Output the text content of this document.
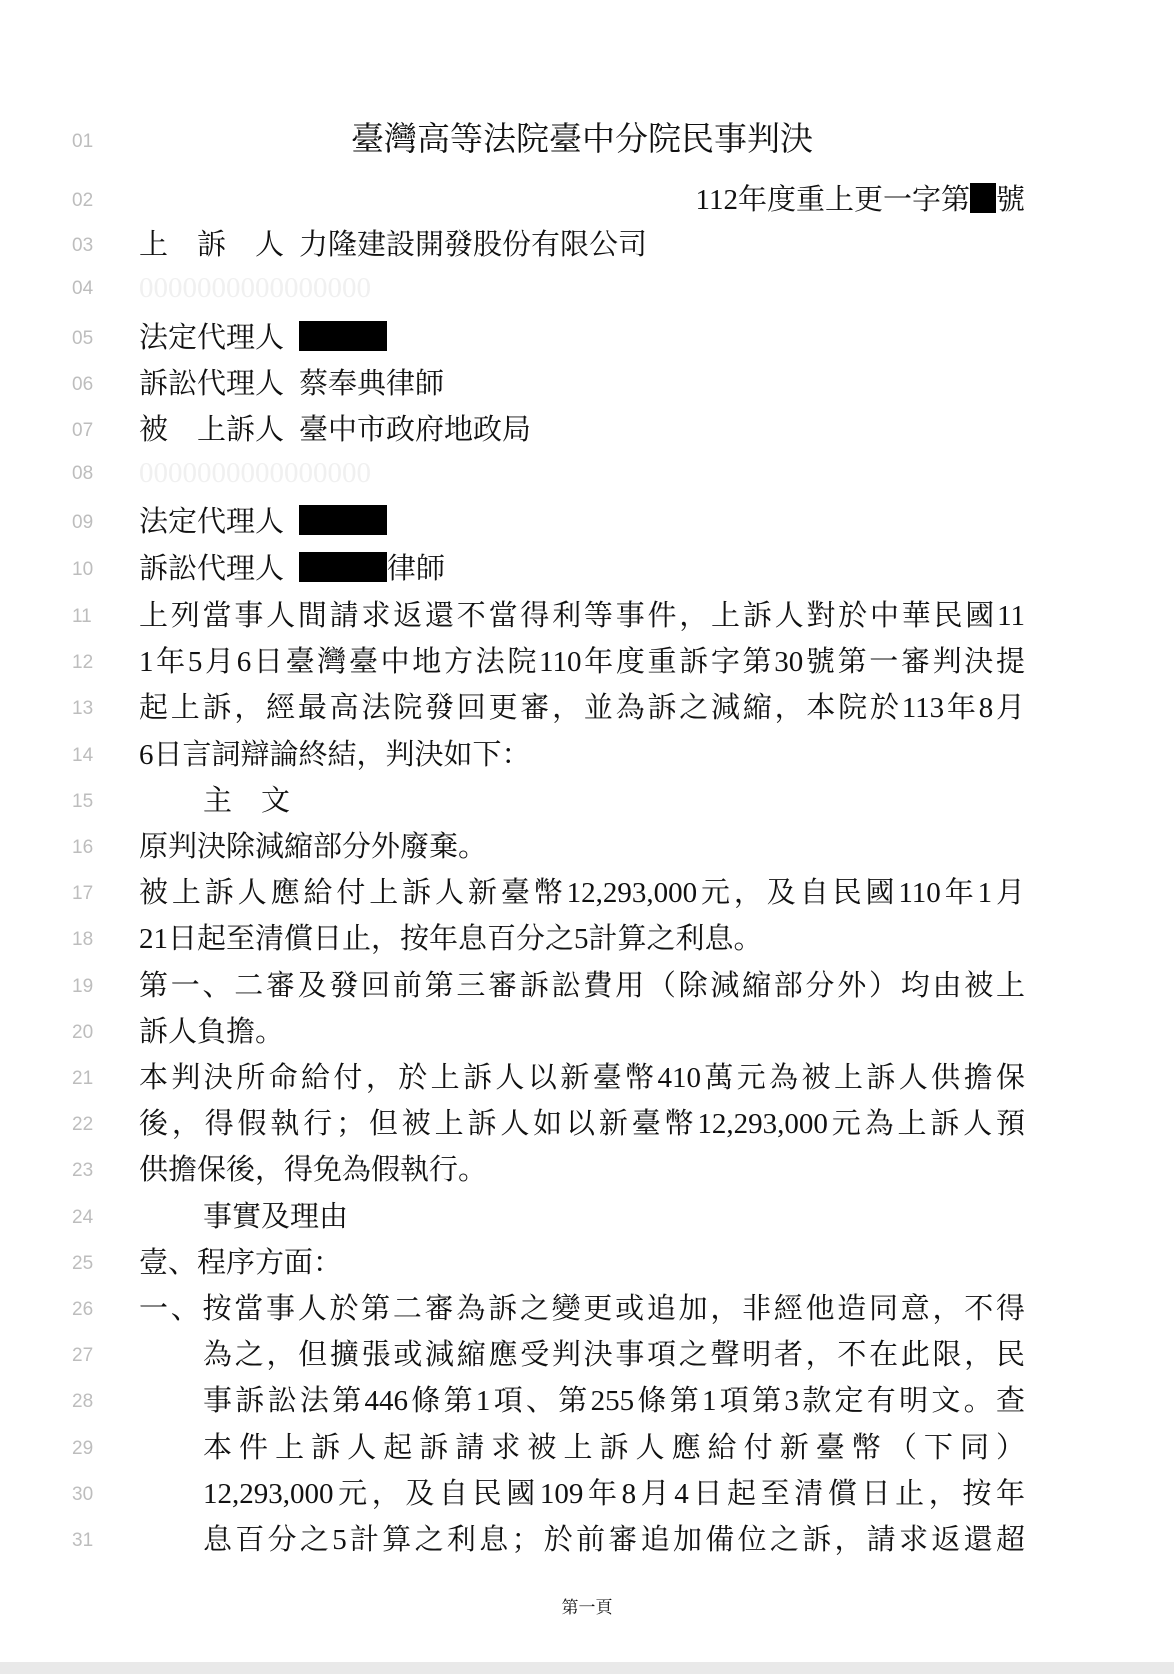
01
02
03
04
05
06
07
08
09
10
11
12
13
14
15
16
17
18
19
20
21
22
23
24
25
26
27
28
29
30
31
臺灣高等法院臺中分院民事判決
112年度重上更一字第 號
上　訴　人 力隆建設開發股份有限公司
0000000000000000
法定代理人
訴訟代理人 蔡奉典律師
被　上訴人 臺中市政府地政局
0000000000000000
法定代理人
訴訟代理人	律師
上列當事人間請求返還不當得利等事件，上訴人對於中華民國11
1年5月6日臺灣臺中地方法院110年度重訴字第30號第一審判決提
起上訴，經最高法院發回更審，並為訴之減縮，本院於113年8月
6日言詞辯論終結，判決如下：
主　文
原判決除減縮部分外廢棄。
被上訴人應給付上訴人新臺幣12,293,000元，及自民國110年1月
21日起至清償日止，按年息百分之5計算之利息。
第一、二審及發回前第三審訴訟費用（除減縮部分外）均由被上
訴人負擔。
本判決所命給付，於上訴人以新臺幣410萬元為被上訴人供擔保
後，得假執行；但被上訴人如以新臺幣12,293,000元為上訴人預
供擔保後，得免為假執行。
事實及理由
壹、程序方面：
一、按當事人於第二審為訴之變更或追加，非經他造同意，不得
為之，但擴張或減縮應受判決事項之聲明者，不在此限，民
事訴訟法第446條第1項、第255條第1項第3款定有明文。查
本件上訴人起訴請求被上訴人應給付新臺幣（下同）
12,293,000元，及自民國109年8月4日起至清償日止，按年
息百分之5計算之利息；於前審追加備位之訴，請求返還超
第一頁
